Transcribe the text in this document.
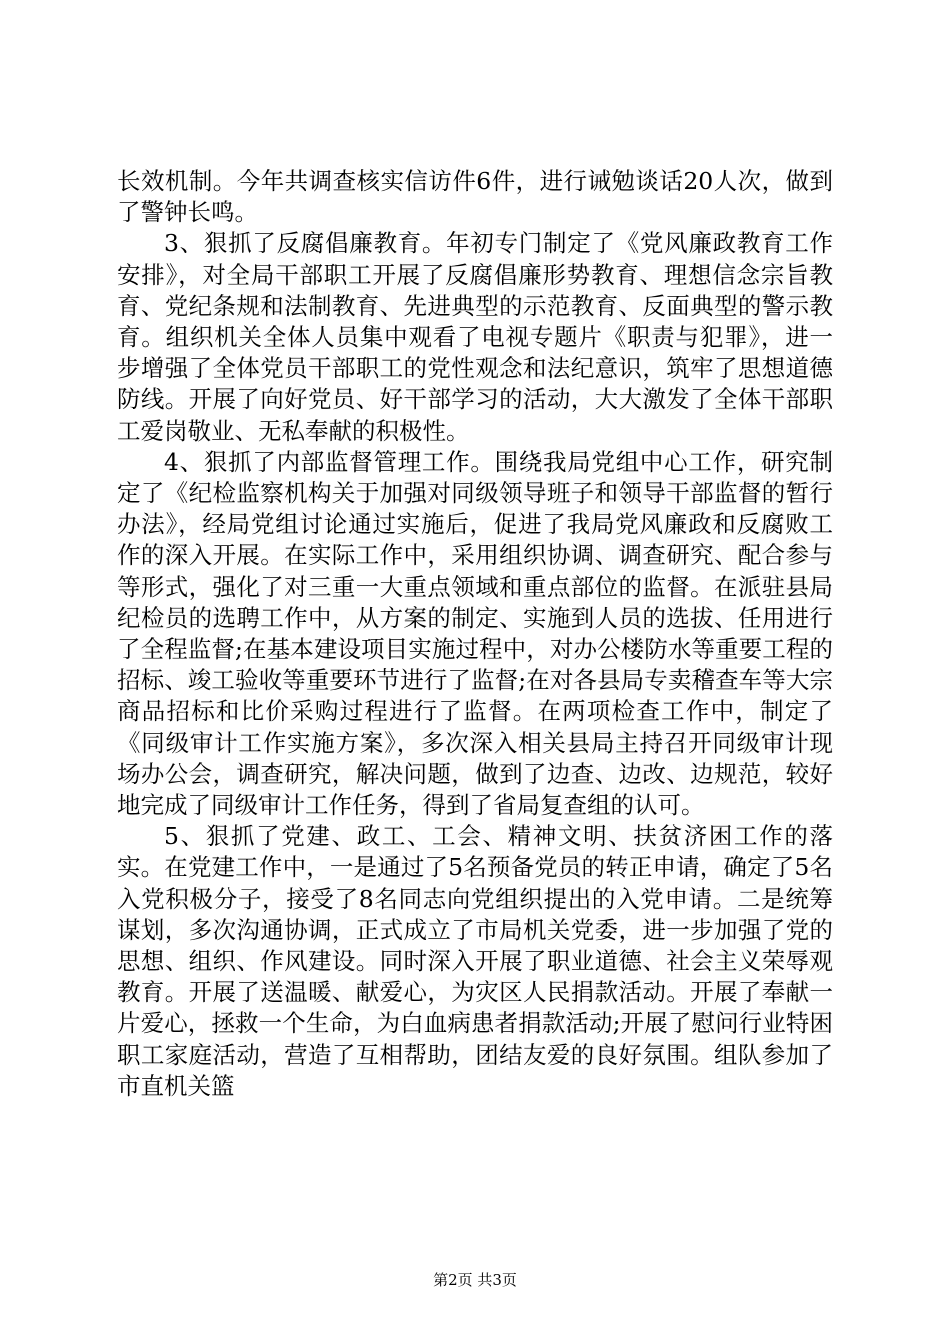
长效机制。今年共调查核实信访件6件，进行诫勉谈话20人次，做到了警钟长鸣。

3、狠抓了反腐倡廉教育。年初专门制定了《党风廉政教育工作安排》，对全局干部职工开展了反腐倡廉形势教育、理想信念宗旨教育、党纪条规和法制教育、先进典型的示范教育、反面典型的警示教育。组织机关全体人员集中观看了电视专题片《职责与犯罪》，进一步增强了全体党员干部职工的党性观念和法纪意识，筑牢了思想道德防线。开展了向好党员、好干部学习的活动，大大激发了全体干部职工爱岗敬业、无私奉献的积极性。

4、狠抓了内部监督管理工作。围绕我局党组中心工作，研究制定了《纪检监察机构关于加强对同级领导班子和领导干部监督的暂行办法》，经局党组讨论通过实施后，促进了我局党风廉政和反腐败工作的深入开展。在实际工作中，采用组织协调、调查研究、配合参与等形式，强化了对三重一大重点领域和重点部位的监督。在派驻县局纪检员的选聘工作中，从方案的制定、实施到人员的选拔、任用进行了全程监督;在基本建设项目实施过程中，对办公楼防水等重要工程的招标、竣工验收等重要环节进行了监督;在对各县局专卖稽查车等大宗商品招标和比价采购过程进行了监督。在两项检查工作中，制定了《同级审计工作实施方案》，多次深入相关县局主持召开同级审计现场办公会，调查研究，解决问题，做到了边查、边改、边规范，较好地完成了同级审计工作任务，得到了省局复查组的认可。

5、狠抓了党建、政工、工会、精神文明、扶贫济困工作的落实。在党建工作中，一是通过了5名预备党员的转正申请，确定了5名入党积极分子，接受了8名同志向党组织提出的入党申请。二是统筹谋划，多次沟通协调，正式成立了市局机关党委，进一步加强了党的思想、组织、作风建设。同时深入开展了职业道德、社会主义荣辱观教育。开展了送温暖、献爱心，为灾区人民捐款活动。开展了奉献一片爱心，拯救一个生命，为白血病患者捐款活动;开展了慰问行业特困职工家庭活动，营造了互相帮助，团结友爱的良好氛围。组队参加了市直机关篮

第2页 共3页
